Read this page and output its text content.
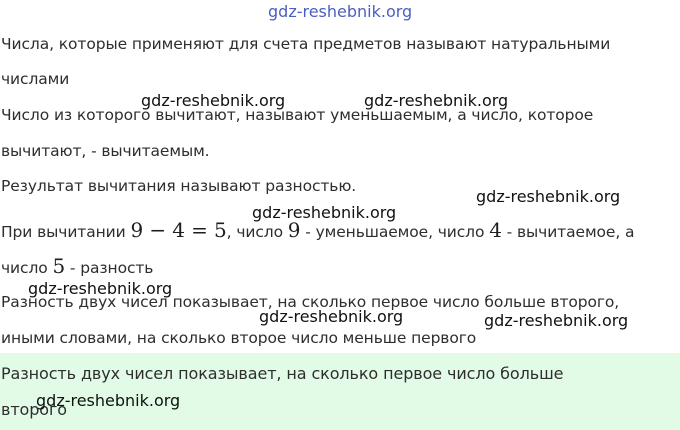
gdz-reshebnik.org
Числа, которые применяют для счета предметов называют натуральными
числами
Число из которого вычитают, называют уменьшаемым, а число, которое
вычитают, - вычитаемым.
Результат вычитания называют разностью.
При вычитании 9 − 4 = 5, число 9 - уменьшаемое, число 4 - вычитаемое, а
число 5 - разность
Разность двух чисел показывает, на сколько первое число больше второго,
иными словами, на сколько второе число меньше первого
Разность двух чисел показывает, на сколько первое число больше
второго
gdz-reshebnik.org	gdz-reshebnik.org
gdz-reshebnik.org
gdz-reshebnik.org
gdz-reshebnik.org
gdz-reshebnik.org	gdz-reshebnik.org
gdz-reshebnik.org
